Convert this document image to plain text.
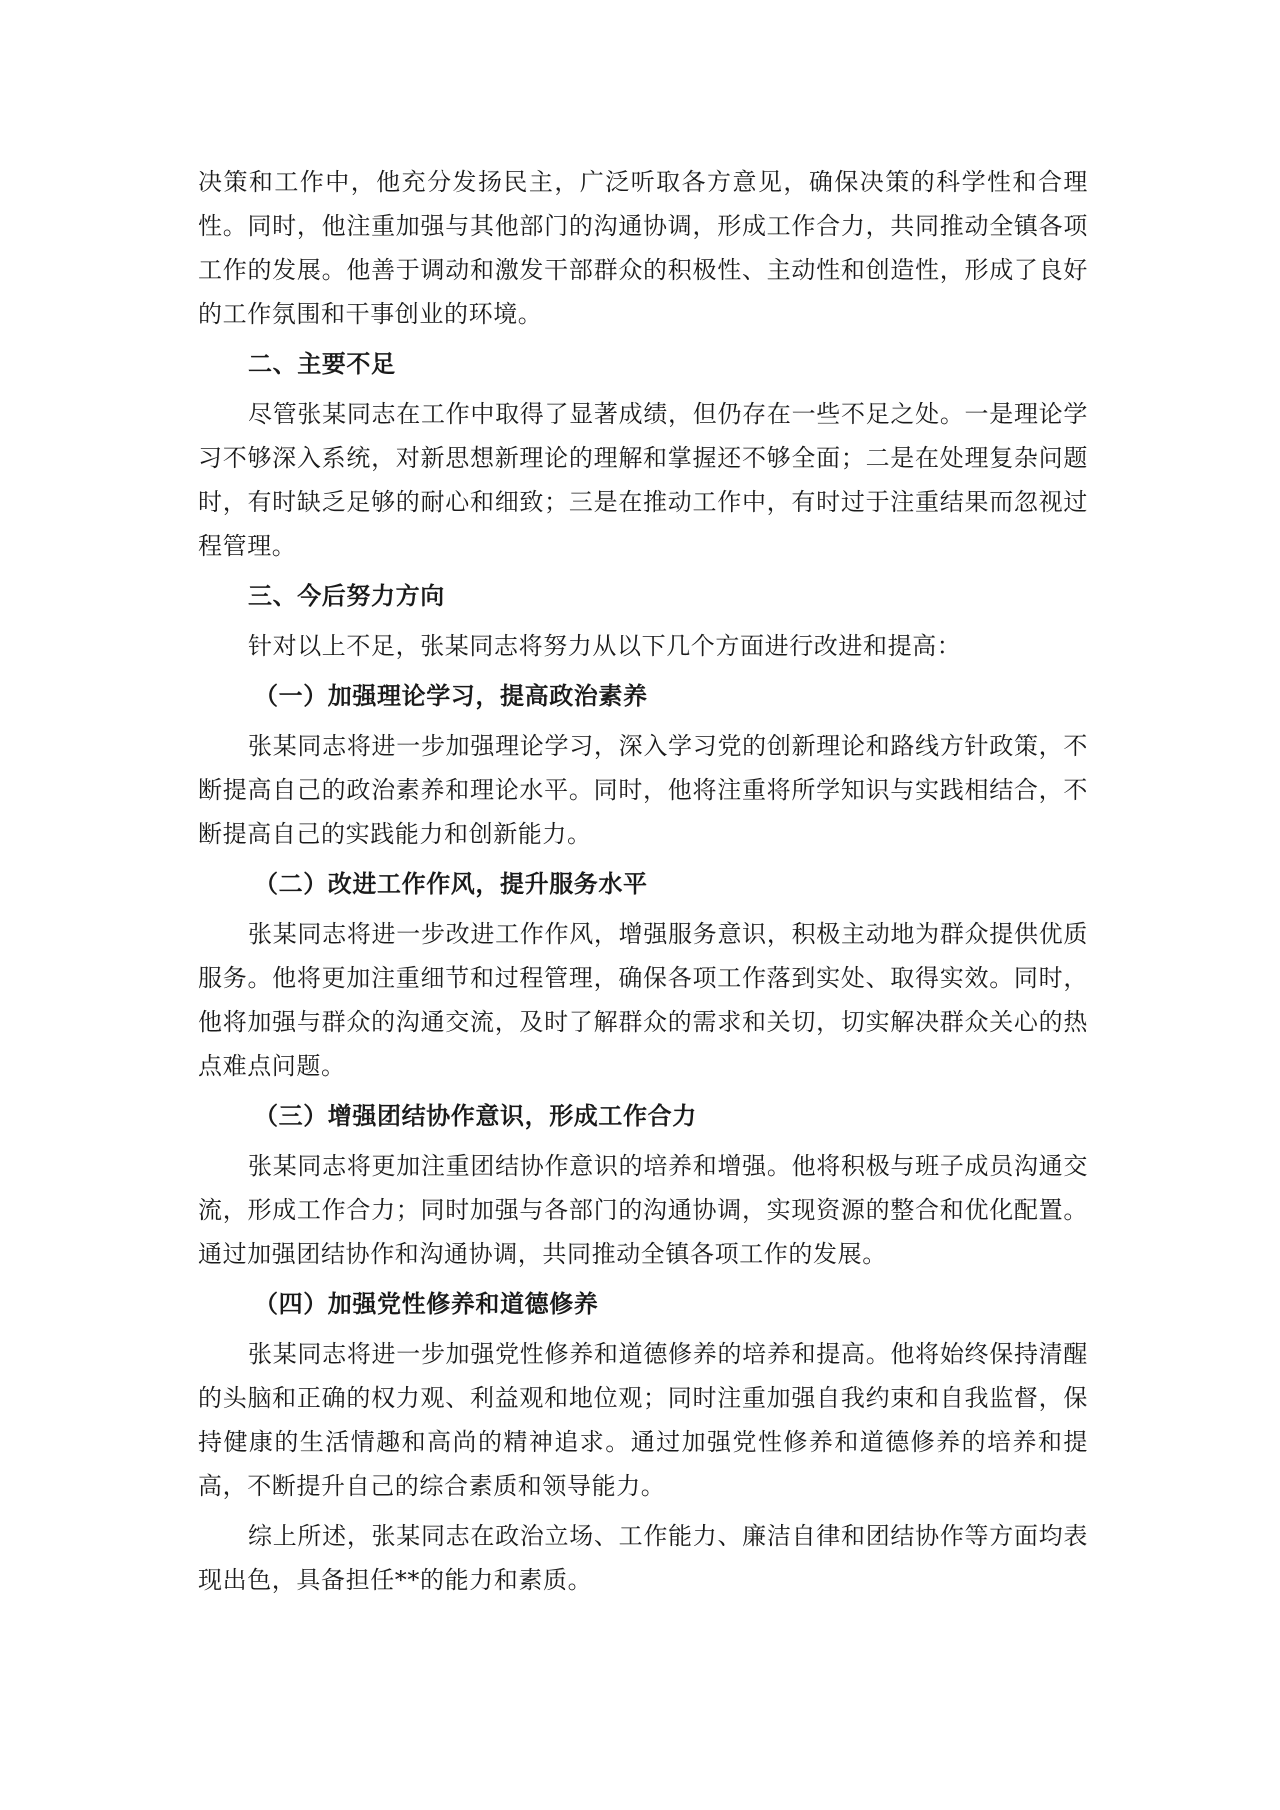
决策和工作中，他充分发扬民主，广泛听取各方意见，确保决策的科学性和合理性。同时，他注重加强与其他部门的沟通协调，形成工作合力，共同推动全镇各项工作的发展。他善于调动和激发干部群众的积极性、主动性和创造性，形成了良好的工作氛围和干事创业的环境。

二、主要不足

尽管张某同志在工作中取得了显著成绩，但仍存在一些不足之处。一是理论学习不够深入系统，对新思想新理论的理解和掌握还不够全面；二是在处理复杂问题时，有时缺乏足够的耐心和细致；三是在推动工作中，有时过于注重结果而忽视过程管理。

三、今后努力方向

针对以上不足，张某同志将努力从以下几个方面进行改进和提高：

（一）加强理论学习，提高政治素养

张某同志将进一步加强理论学习，深入学习党的创新理论和路线方针政策，不断提高自己的政治素养和理论水平。同时，他将注重将所学知识与实践相结合，不断提高自己的实践能力和创新能力。

（二）改进工作作风，提升服务水平

张某同志将进一步改进工作作风，增强服务意识，积极主动地为群众提供优质服务。他将更加注重细节和过程管理，确保各项工作落到实处、取得实效。同时，他将加强与群众的沟通交流，及时了解群众的需求和关切，切实解决群众关心的热点难点问题。

（三）增强团结协作意识，形成工作合力

张某同志将更加注重团结协作意识的培养和增强。他将积极与班子成员沟通交流，形成工作合力；同时加强与各部门的沟通协调，实现资源的整合和优化配置。通过加强团结协作和沟通协调，共同推动全镇各项工作的发展。

（四）加强党性修养和道德修养

张某同志将进一步加强党性修养和道德修养的培养和提高。他将始终保持清醒的头脑和正确的权力观、利益观和地位观；同时注重加强自我约束和自我监督，保持健康的生活情趣和高尚的精神追求。通过加强党性修养和道德修养的培养和提高，不断提升自己的综合素质和领导能力。

综上所述，张某同志在政治立场、工作能力、廉洁自律和团结协作等方面均表现出色，具备担任**的能力和素质。
